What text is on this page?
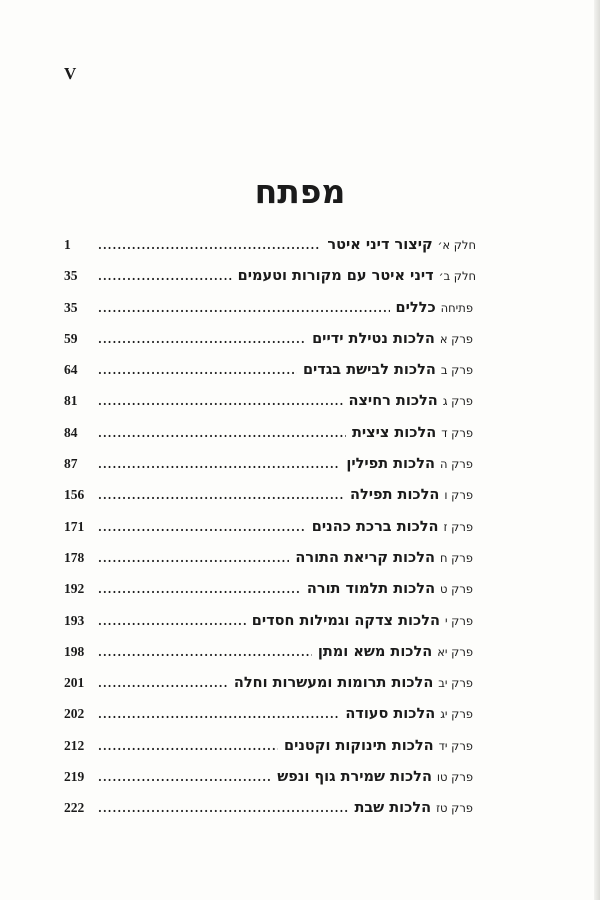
V
מפתח
חלק א׳
קיצור דיני איטר
.....
1
חלק ב׳
דיני איטר עם מקורות וטעמים
.....
35
פתיחה
כללים
.....
35
פרק א
הלכות נטילת ידיים
.....
59
פרק ב
הלכות לבישת בגדים
.....
64
פרק ג
הלכות רחיצה
.....
81
פרק ד
הלכות ציצית
.....
84
פרק ה
הלכות תפילין
.....
87
פרק ו
הלכות תפילה
.....
156
פרק ז
הלכות ברכת כהנים
.....
171
פרק ח
הלכות קריאת התורה
.....
178
פרק ט
הלכות תלמוד תורה
.....
192
פרק י
הלכות צדקה וגמילות חסדים
.....
193
פרק יא
הלכות משא ומתן
.....
198
פרק יב
הלכות תרומות ומעשרות וחלה
.....
201
פרק יג
הלכות סעודה
.....
202
פרק יד
הלכות תינוקות וקטנים
.....
212
פרק טו
הלכות שמירת גוף ונפש
.....
219
פרק טז
הלכות שבת
.....
222
